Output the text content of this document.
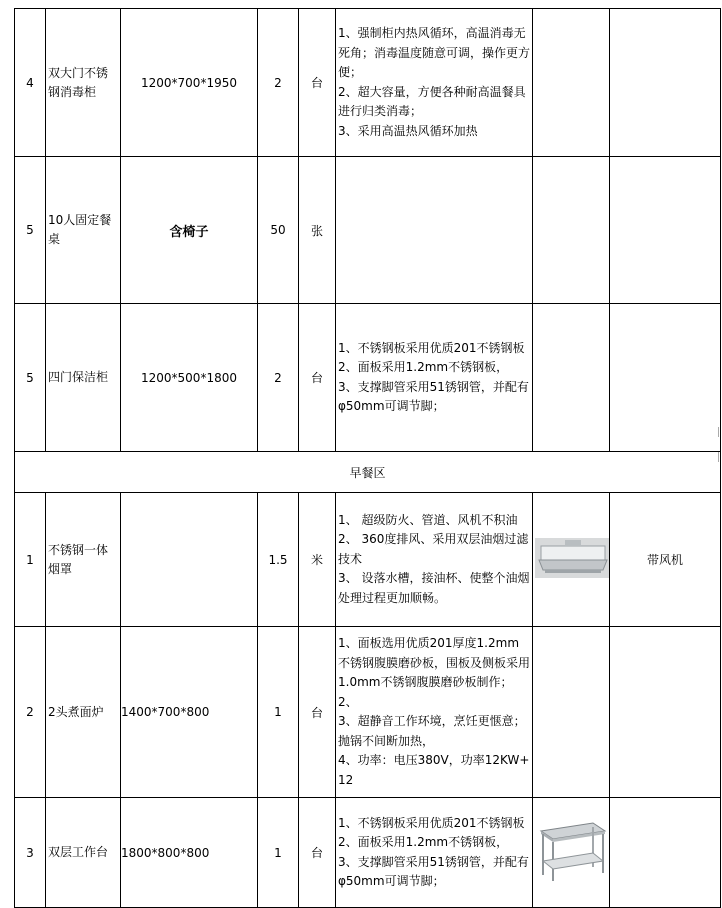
4	双大门不锈钢消毒柜	1200*700*1950	2	台	1、强制柜内热风循环，高温消毒无死角；消毒温度随意可调，操作更方便；
2、超大容量，方便各种耐高温餐具进行归类消毒；
3、采用高温热风循环加热		

5	10人固定餐桌	含椅子	50	张			
5	四门保洁柜	1200*500*1800	2	台	1、不锈钢板采用优质201不锈钢板
2、面板采用1.2mm不锈钢板，
3、支撑脚管采用51锈钢管，并配有φ50mm可调节脚；		

早餐区							
1	不锈钢一体烟罩		1.5	米	1、 超级防火、管道、风机不积油
2、 360度排风、采用双层油烟过滤技术
3、 设落水槽，接油杯、使整个油烟处理过程更加顺畅。		带风机
2	2头煮面炉	1400*700*800	1	台	1、面板选用优质201厚度1.2mm不锈钢腹膜磨砂板，围板及侧板采用1.0mm不锈钢腹膜磨砂板制作；
2、
3、超静音工作环境，烹饪更惬意；抛锅不间断加热，
4、功率：电压380V，功率12KW+12		

3	双层工作台	1800*800*800	1	台	1、不锈钢板采用优质201不锈钢板
2、面板采用1.2mm不锈钢板，
3、支撑脚管采用51锈钢管，并配有φ50mm可调节脚；
